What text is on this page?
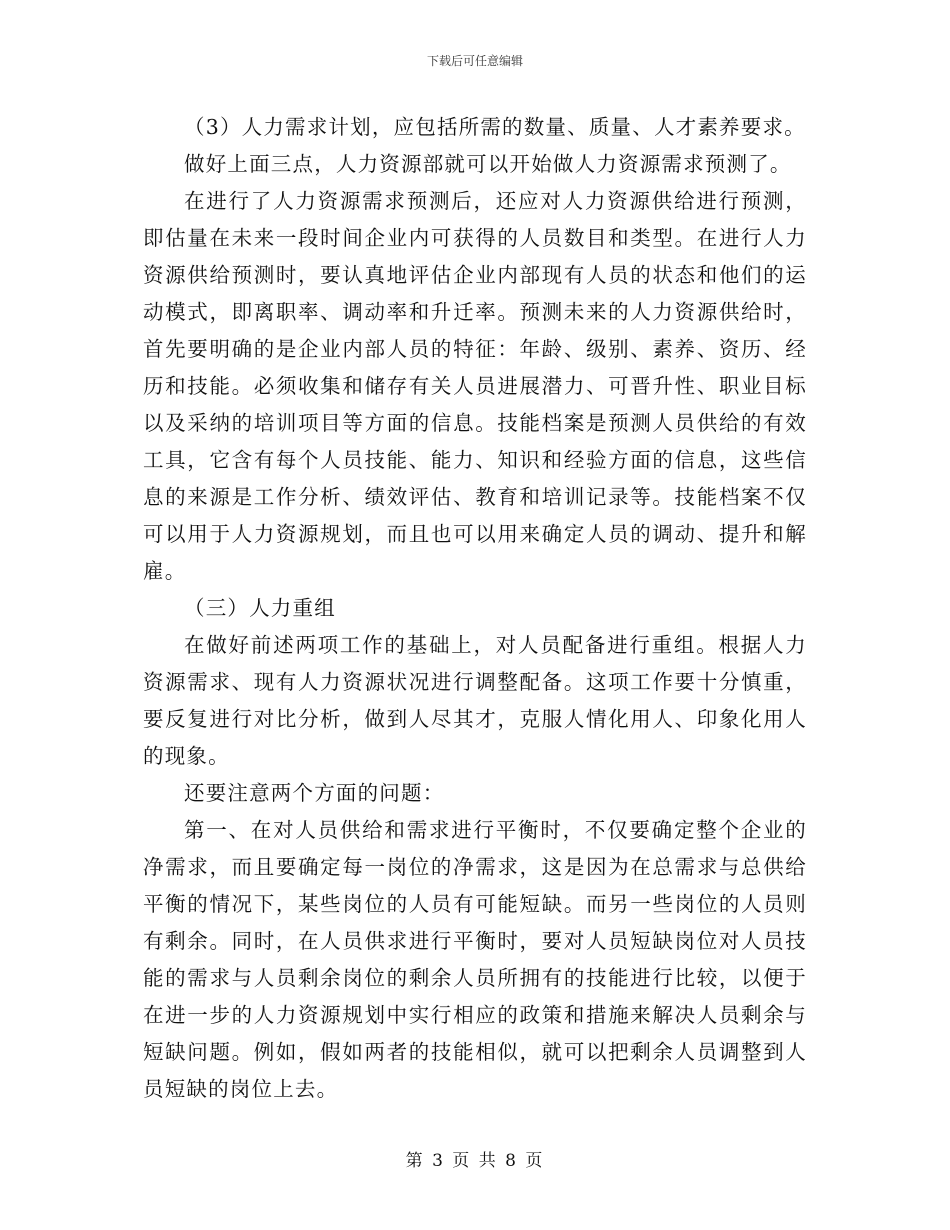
下载后可任意编辑

（3）人力需求计划，应包括所需的数量、质量、人才素养要求。

做好上面三点，人力资源部就可以开始做人力资源需求预测了。

在进行了人力资源需求预测后，还应对人力资源供给进行预测，即估量在未来一段时间企业内可获得的人员数目和类型。在进行人力资源供给预测时，要认真地评估企业内部现有人员的状态和他们的运动模式，即离职率、调动率和升迁率。预测未来的人力资源供给时，首先要明确的是企业内部人员的特征：年龄、级别、素养、资历、经历和技能。必须收集和储存有关人员进展潜力、可晋升性、职业目标以及采纳的培训项目等方面的信息。技能档案是预测人员供给的有效工具，它含有每个人员技能、能力、知识和经验方面的信息，这些信息的来源是工作分析、绩效评估、教育和培训记录等。技能档案不仅可以用于人力资源规划，而且也可以用来确定人员的调动、提升和解雇。

（三）人力重组

在做好前述两项工作的基础上，对人员配备进行重组。根据人力资源需求、现有人力资源状况进行调整配备。这项工作要十分慎重，要反复进行对比分析，做到人尽其才，克服人情化用人、印象化用人的现象。

还要注意两个方面的问题：

第一、在对人员供给和需求进行平衡时，不仅要确定整个企业的净需求，而且要确定每一岗位的净需求，这是因为在总需求与总供给平衡的情况下，某些岗位的人员有可能短缺。而另一些岗位的人员则有剩余。同时，在人员供求进行平衡时，要对人员短缺岗位对人员技能的需求与人员剩余岗位的剩余人员所拥有的技能进行比较，以便于在进一步的人力资源规划中实行相应的政策和措施来解决人员剩余与短缺问题。例如，假如两者的技能相似，就可以把剩余人员调整到人员短缺的岗位上去。

第 3 页 共 8 页
